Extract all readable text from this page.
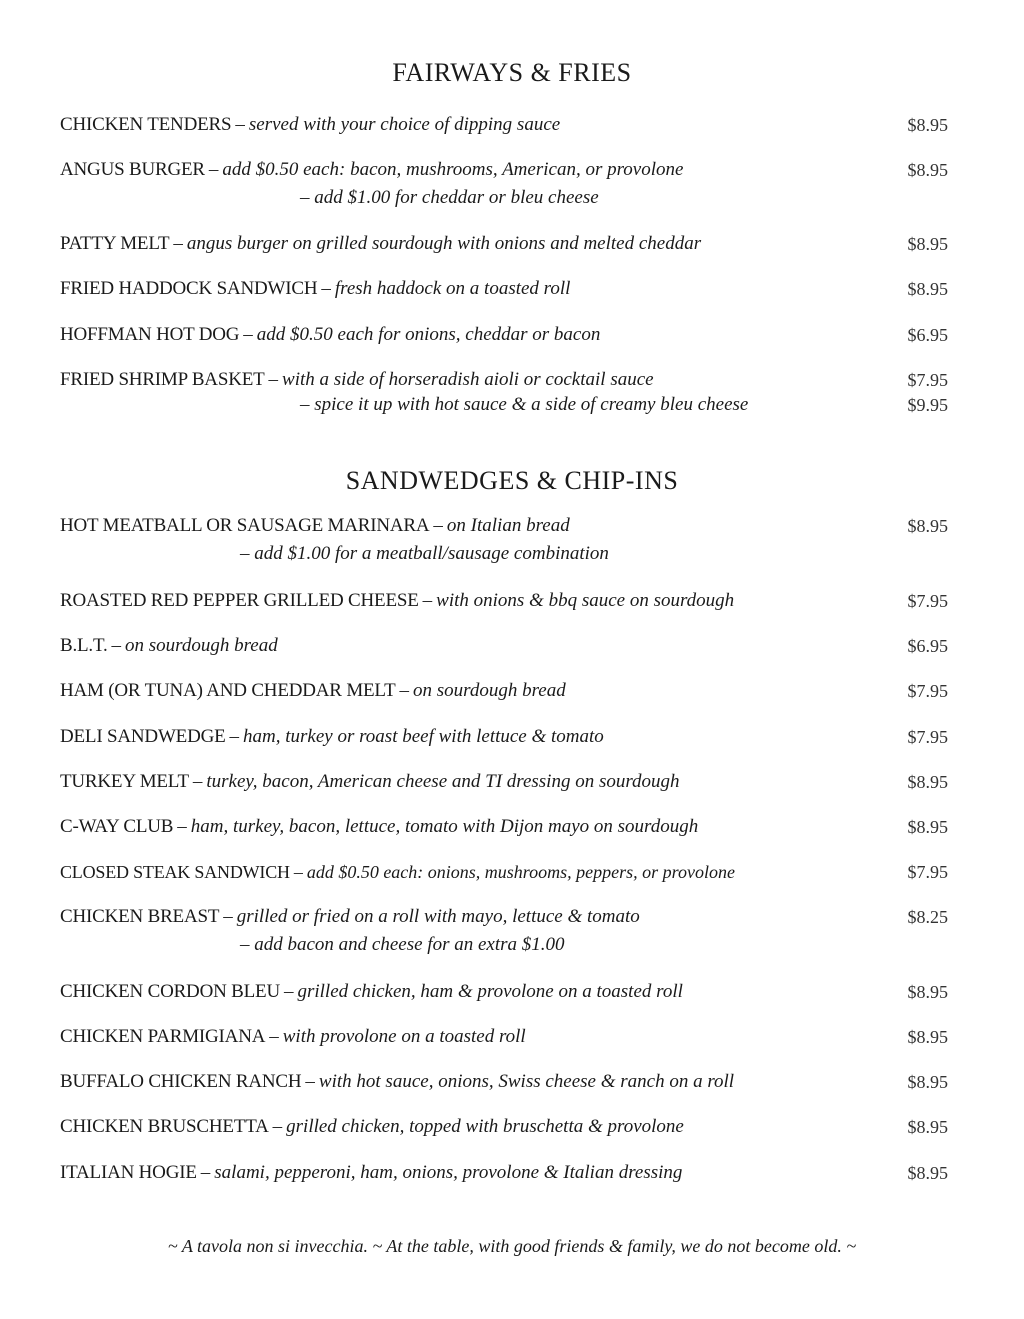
FAIRWAYS & FRIES
CHICKEN TENDERS – served with your choice of dipping sauce	$8.95
ANGUS BURGER – add $0.50 each: bacon, mushrooms, American, or provolone	$8.95
– add $1.00 for cheddar or bleu cheese
PATTY MELT – angus burger on grilled sourdough with onions and melted cheddar	$8.95
FRIED HADDOCK SANDWICH – fresh haddock on a toasted roll	$8.95
HOFFMAN HOT DOG – add $0.50 each for onions, cheddar or bacon	$6.95
FRIED SHRIMP BASKET – with a side of horseradish aioli or cocktail sauce	$7.95
– spice it up with hot sauce & a side of creamy bleu cheese	$9.95
SANDWEDGES & CHIP-INS
HOT MEATBALL OR SAUSAGE MARINARA – on Italian bread	$8.95
– add $1.00 for a meatball/sausage combination
ROASTED RED PEPPER GRILLED CHEESE – with onions & bbq sauce on sourdough	$7.95
B.L.T. – on sourdough bread	$6.95
HAM (OR TUNA) AND CHEDDAR MELT – on sourdough bread	$7.95
DELI SANDWEDGE – ham, turkey or roast beef with lettuce & tomato	$7.95
TURKEY MELT – turkey, bacon, American cheese and TI dressing on sourdough	$8.95
C-WAY CLUB – ham, turkey, bacon, lettuce, tomato with Dijon mayo on sourdough	$8.95
CLOSED STEAK SANDWICH – add $0.50 each: onions, mushrooms, peppers, or provolone	$7.95
CHICKEN BREAST – grilled or fried on a roll with mayo, lettuce & tomato	$8.25
– add bacon and cheese for an extra $1.00
CHICKEN CORDON BLEU – grilled chicken, ham & provolone on a toasted roll	$8.95
CHICKEN PARMIGIANA – with provolone on a toasted roll	$8.95
BUFFALO CHICKEN RANCH – with hot sauce, onions, Swiss cheese & ranch on a roll	$8.95
CHICKEN BRUSCHETTA – grilled chicken, topped with bruschetta & provolone	$8.95
ITALIAN HOGIE – salami, pepperoni, ham, onions, provolone & Italian dressing	$8.95
~ A tavola non si invecchia. ~ At the table, with good friends & family, we do not become old. ~
